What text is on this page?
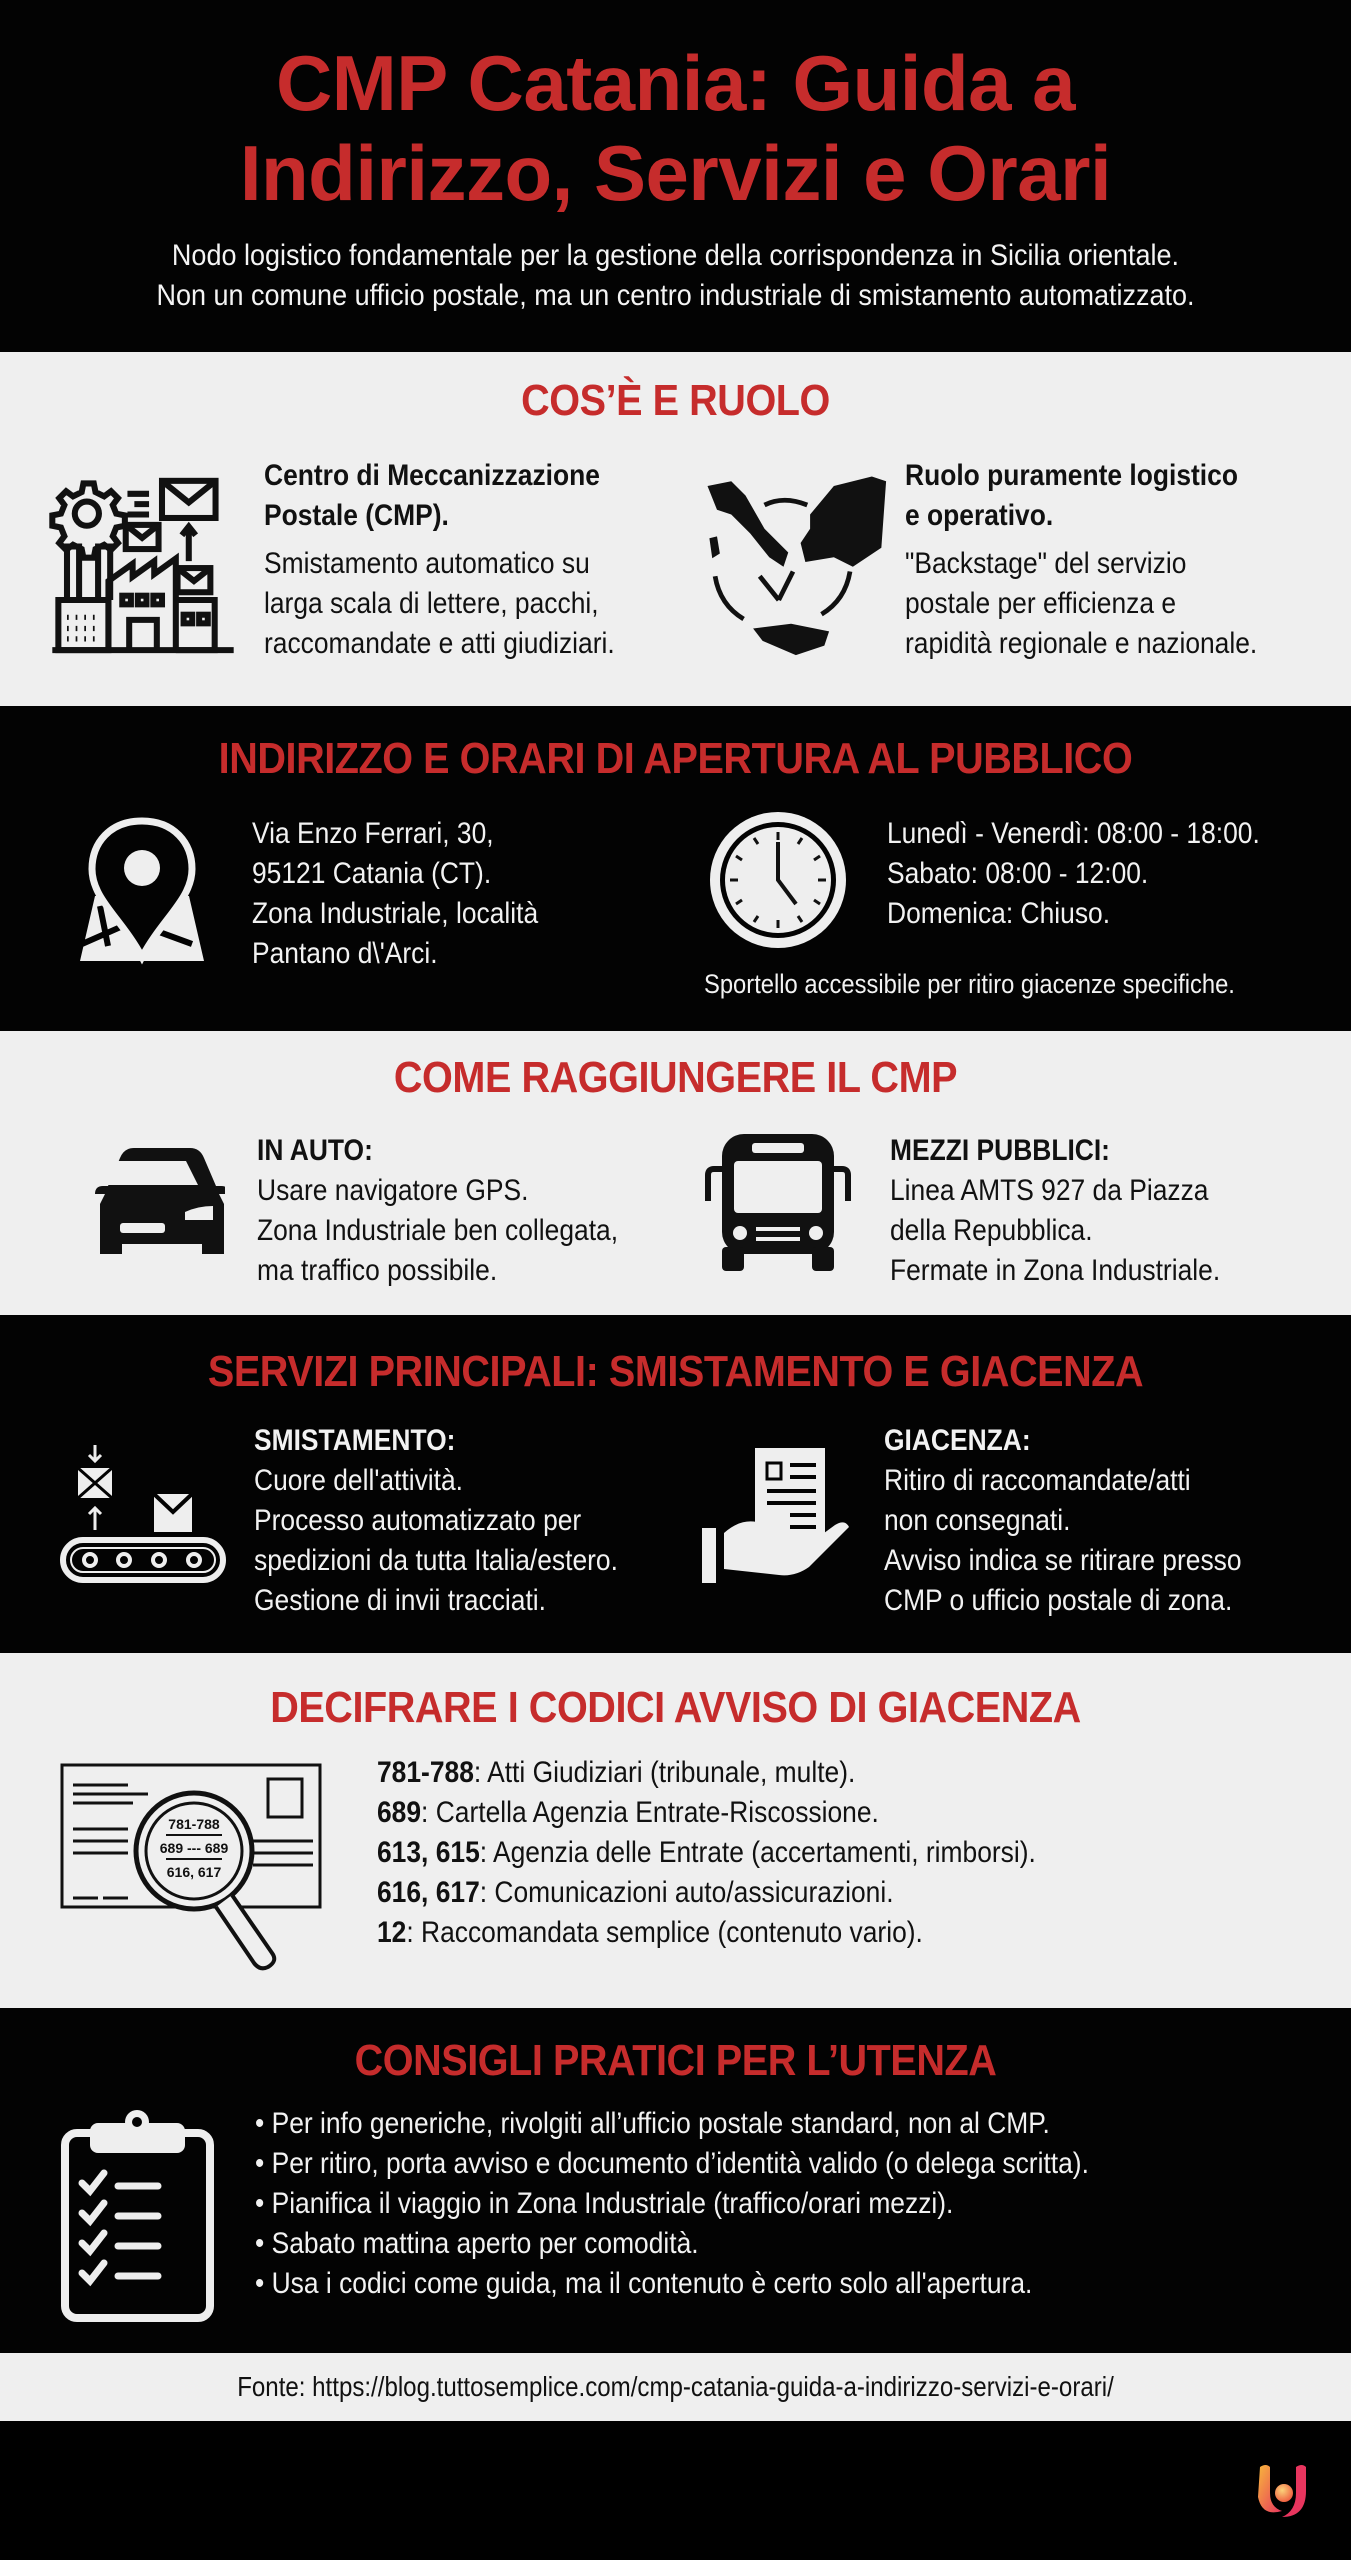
CMP Catania: Guida a
Indirizzo, Servizi e Orari
Nodo logistico fondamentale per la gestione della corrispondenza in Sicilia orientale.
Non un comune ufficio postale, ma un centro industriale di smistamento automatizzato.
COS’È E RUOLO
Centro di Meccanizzazione
Postale (CMP).
Smistamento automatico su
larga scala di lettere, pacchi,
raccomandate e atti giudiziari.
Ruolo puramente logistico
e operativo.
"Backstage" del servizio
postale per efficienza e
rapidità regionale e nazionale.
INDIRIZZO E ORARI DI APERTURA AL PUBBLICO
Via Enzo Ferrari, 30,
95121 Catania (CT).
Zona Industriale, località
Pantano d\'Arci.
Lunedì - Venerdì: 08:00 - 18:00.
Sabato: 08:00 - 12:00.
Domenica: Chiuso.
Sportello accessibile per ritiro giacenze specifiche.
COME RAGGIUNGERE IL CMP
IN AUTO:
Usare navigatore GPS.
Zona Industriale ben collegata,
ma traffico possibile.
MEZZI PUBBLICI:
Linea AMTS 927 da Piazza
della Repubblica.
Fermate in Zona Industriale.
SERVIZI PRINCIPALI: SMISTAMENTO E GIACENZA
SMISTAMENTO:
Cuore dell'attività.
Processo automatizzato per
spedizioni da tutta Italia/estero.
Gestione di invii tracciati.
GIACENZA:
Ritiro di raccomandate/atti
non consegnati.
Avviso indica se ritirare presso
CMP o ufficio postale di zona.
DECIFRARE I CODICI AVVISO DI GIACENZA
781-788
689 --- 689
616, 617
781-788: Atti Giudiziari (tribunale, multe).
689: Cartella Agenzia Entrate-Riscossione.
613, 615: Agenzia delle Entrate (accertamenti, rimborsi).
616, 617: Comunicazioni auto/assicurazioni.
12: Raccomandata semplice (contenuto vario).
CONSIGLI PRATICI PER L’UTENZA
• Per info generiche, rivolgiti all’ufficio postale standard, non al CMP.
• Per ritiro, porta avviso e documento d’identità valido (o delega scritta).
• Pianifica il viaggio in Zona Industriale (traffico/orari mezzi).
• Sabato mattina aperto per comodità.
• Usa i codici come guida, ma il contenuto è certo solo all'apertura.
Fonte: https://blog.tuttosemplice.com/cmp-catania-guida-a-indirizzo-servizi-e-orari/
